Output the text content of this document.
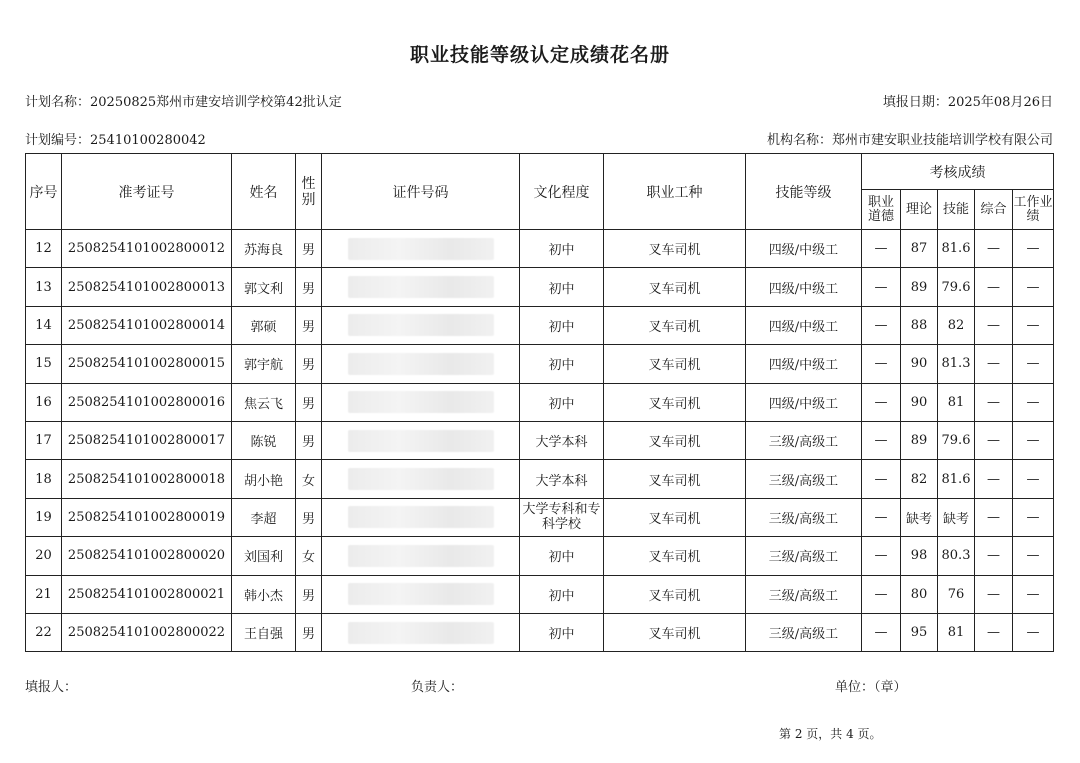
职业技能等级认定成绩花名册
计划名称：20250825郑州市建安培训学校第42批认定	填报日期：2025年08月26日
计划编号：25410100280042	机构名称：郑州市建安职业技能培训学校有限公司
序号	准考证号	姓名	性别	证件号码	文化程度	职业工种	技能等级	考核成绩				
								职业道德	理论	技能	综合	工作业绩
12	2508254101002800012	苏海良	男		初中	叉车司机	四级/中级工	—	87	81.6	—	—
13	2508254101002800013	郭文利	男		初中	叉车司机	四级/中级工	—	89	79.6	—	—
14	2508254101002800014	郭硕	男		初中	叉车司机	四级/中级工	—	88	82	—	—
15	2508254101002800015	郭宇航	男		初中	叉车司机	四级/中级工	—	90	81.3	—	—
16	2508254101002800016	焦云飞	男		初中	叉车司机	四级/中级工	—	90	81	—	—
17	2508254101002800017	陈锐	男		大学本科	叉车司机	三级/高级工	—	89	79.6	—	—
18	2508254101002800018	胡小艳	女		大学本科	叉车司机	三级/高级工	—	82	81.6	—	—
19	2508254101002800019	李超	男		大学专科和专科学校	叉车司机	三级/高级工	—	缺考	缺考	—	—
20	2508254101002800020	刘国利	女		初中	叉车司机	三级/高级工	—	98	80.3	—	—
21	2508254101002800021	韩小杰	男		初中	叉车司机	三级/高级工	—	80	76	—	—
22	2508254101002800022	王自强	男		初中	叉车司机	三级/高级工	—	95	81	—	—
填报人：	负责人：	单位：（章）
第 2 页，共 4 页。
